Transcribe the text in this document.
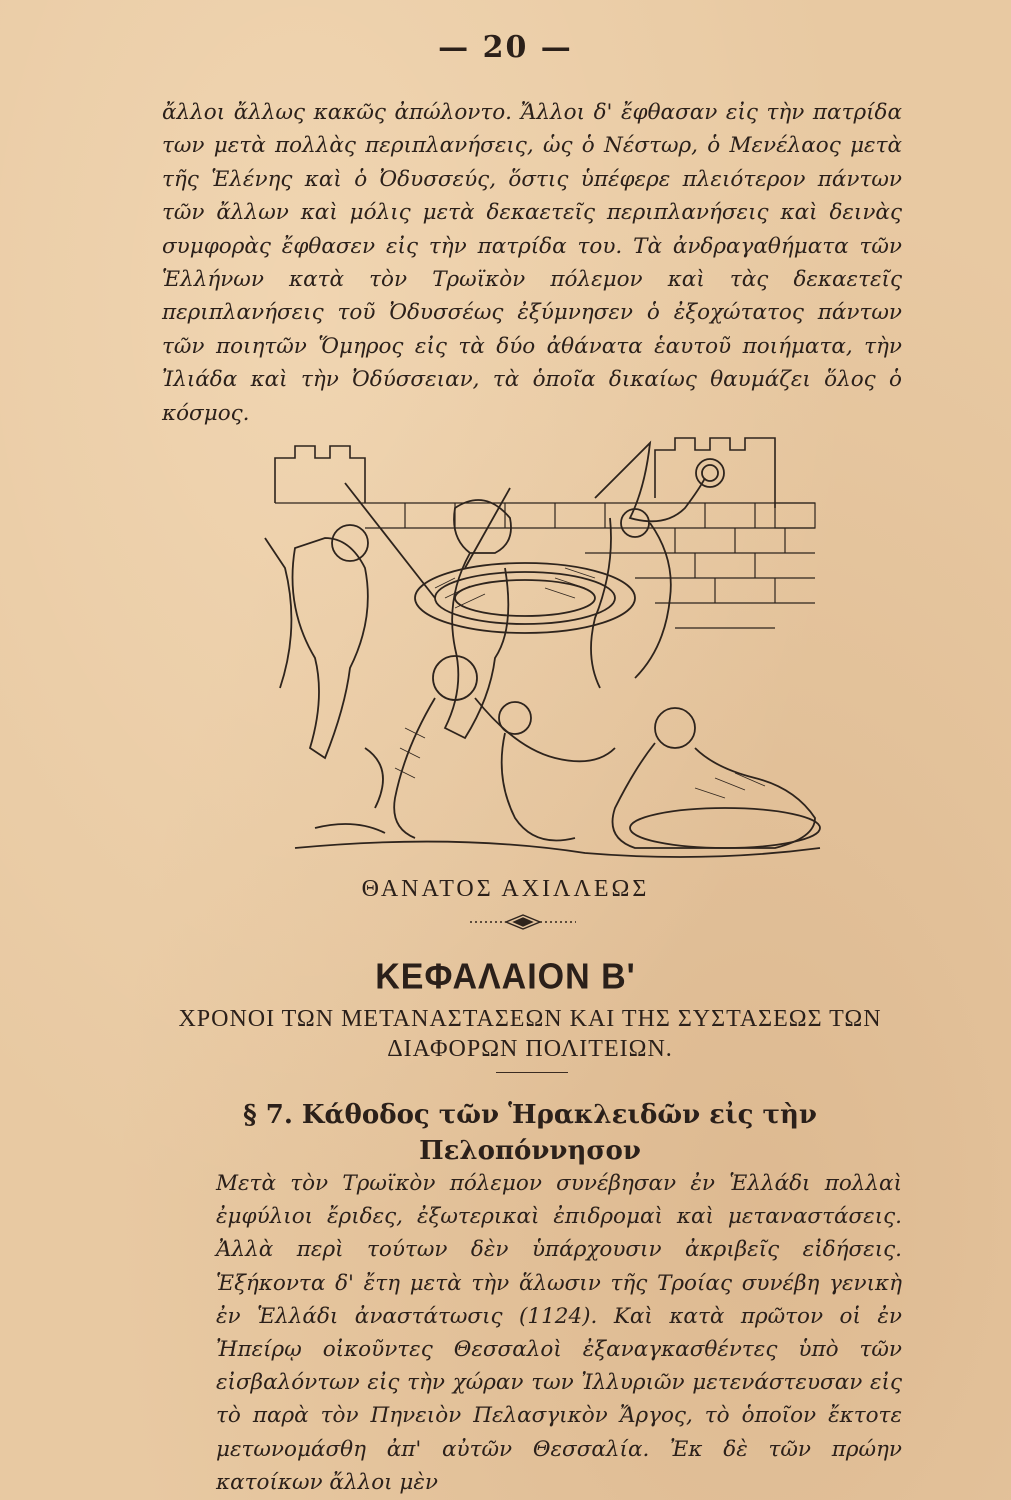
— 20 —

ἄλλοι ἄλλως κακῶς ἀπώλοντο. Ἄλλοι δ' ἔφθασαν εἰς τὴν πατρίδα των μετὰ πολλὰς περιπλανήσεις, ὡς ὁ Νέστωρ, ὁ Μενέλαος μετὰ τῆς Ἑλένης καὶ ὁ Ὀδυσσεύς, ὅστις ὑπέφερε πλειότερον πάντων τῶν ἄλλων καὶ μόλις μετὰ δεκαετεῖς περιπλανήσεις καὶ δεινὰς συμφορὰς ἔφθασεν εἰς τὴν πατρίδα του. Τὰ ἀνδραγαθήματα τῶν Ἑλλήνων κατὰ τὸν Τρωϊκὸν πόλεμον καὶ τὰς δεκαετεῖς περιπλανήσεις τοῦ Ὀδυσσέως ἐξύμνησεν ὁ ἐξοχώτατος πάντων τῶν ποιητῶν Ὅμηρος εἰς τὰ δύο ἀθάνατα ἑαυτοῦ ποιήματα, τὴν Ἰλιάδα καὶ τὴν Ὀδύσσειαν, τὰ ὁποῖα δικαίως θαυμάζει ὅλος ὁ κόσμος.

ΘΑΝΑΤΟΣ ΑΧΙΛΛΕΩΣ
ΚΕΦΑΛΑΙΟΝ Β'
ΧΡΟΝΟΙ ΤΩΝ ΜΕΤΑΝΑΣΤΑΣΕΩΝ ΚΑΙ ΤΗΣ ΣΥΣΤΑΣΕΩΣ ΤΩΝ ΔΙΑΦΟΡΩΝ ΠΟΛΙΤΕΙΩΝ.
§ 7. Κάθοδος τῶν Ἡρακλειδῶν εἰς τὴν Πελοπόννησον

Μετὰ τὸν Τρωϊκὸν πόλεμον συνέβησαν ἐν Ἑλλάδι πολλαὶ ἐμφύλιοι ἔριδες, ἐξωτερικαὶ ἐπιδρομαὶ καὶ μεταναστάσεις. Ἀλλὰ περὶ τούτων δὲν ὑπάρχουσιν ἀκριβεῖς εἰδήσεις. Ἑξήκοντα δ' ἔτη μετὰ τὴν ἅλωσιν τῆς Τροίας συνέβη γενικὴ ἐν Ἑλλάδι ἀναστάτωσις (1124). Καὶ κατὰ πρῶτον οἱ ἐν Ἠπείρῳ οἰκοῦντες Θεσσαλοὶ ἐξαναγκασθέντες ὑπὸ τῶν εἰσβαλόντων εἰς τὴν χώραν των Ἰλλυριῶν μετενάστευσαν εἰς τὸ παρὰ τὸν Πηνειὸν Πελασγικὸν Ἄργος, τὸ ὁποῖον ἔκτοτε μετωνομάσθη ἀπ' αὐτῶν Θεσσαλία. Ἐκ δὲ τῶν πρώην κατοίκων ἄλλοι μὲν
